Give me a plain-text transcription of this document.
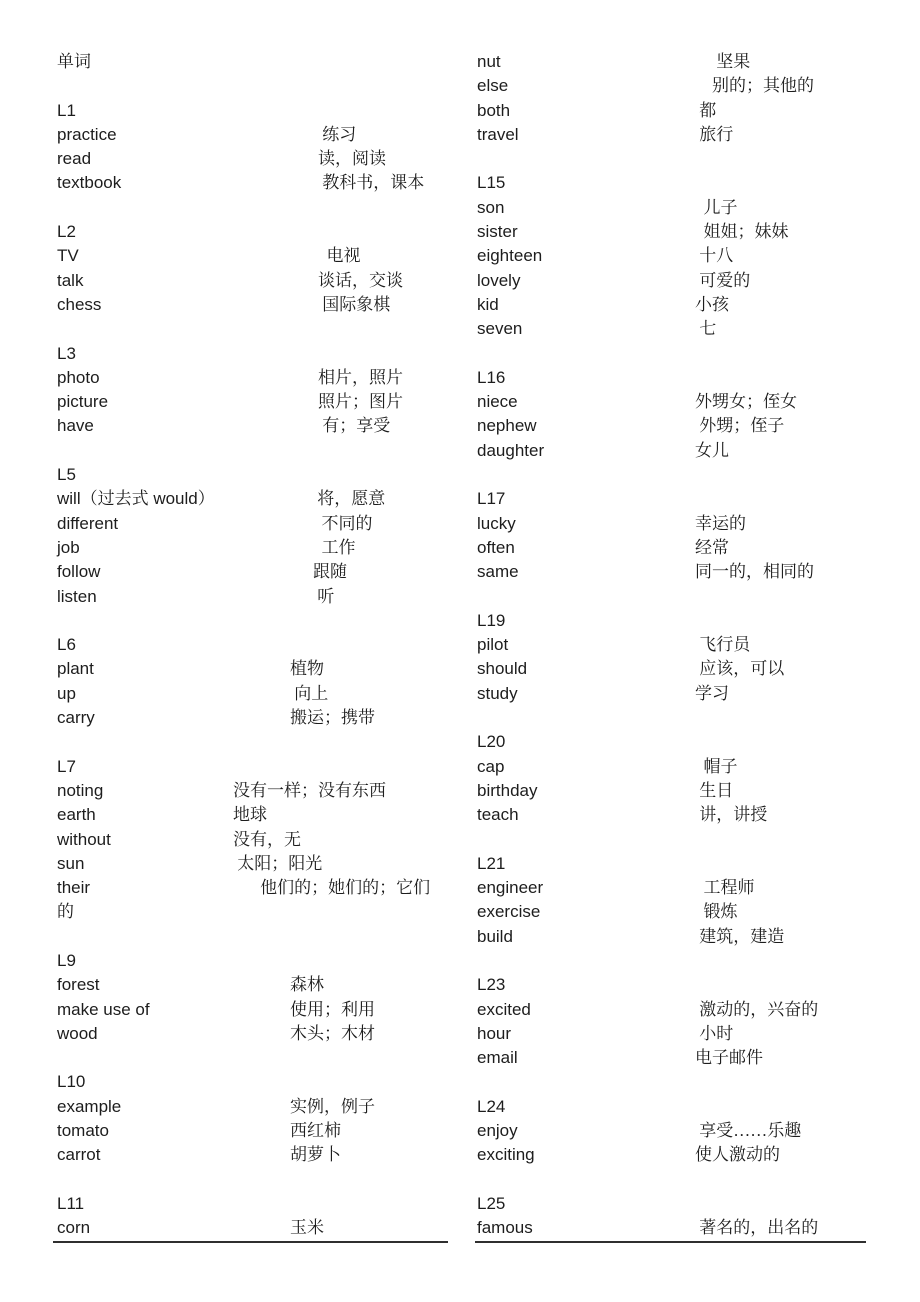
单词
L1
practice	练习
read	读，阅读
textbook	教科书，课本
L2
TV	电视
talk	谈话，交谈
chess	国际象棋
L3
photo	相片，照片
picture	照片；图片
have	有；享受
L5
will（过去式 would）	将，愿意
different	不同的
job	工作
follow	跟随
listen	听
L6
plant	植物
up	向上
carry	搬运；携带
L7
noting	没有一样；没有东西
earth	地球
without	没有，无
sun	太阳；阳光
their	　　他们的；她们的；它们
的
L9
forest	森林
make use of	使用；利用
wood	木头；木材
L10
example	实例，例子
tomato	西红柿
carrot	胡萝卜
L11
corn	玉米
nut	　 坚果
else	　别的；其他的
both	都
travel	旅行
L15
son	儿子
sister	姐姐；妹妹
eighteen	十八
lovely	可爱的
kid	小孩
seven	七
L16
niece	外甥女；侄女
nephew	外甥；侄子
daughter	女儿
L17
lucky	幸运的
often	经常
same	同一的，相同的
L19
pilot	飞行员
should	应该，可以
study	学习
L20
cap	帽子
birthday	生日
teach	讲，讲授
L21
engineer	工程师
exercise	锻炼
build	建筑，建造
L23
excited	激动的，兴奋的
hour	小时
email	电子邮件
L24
enjoy	享受……乐趣
exciting	使人激动的
L25
famous	著名的，出名的
